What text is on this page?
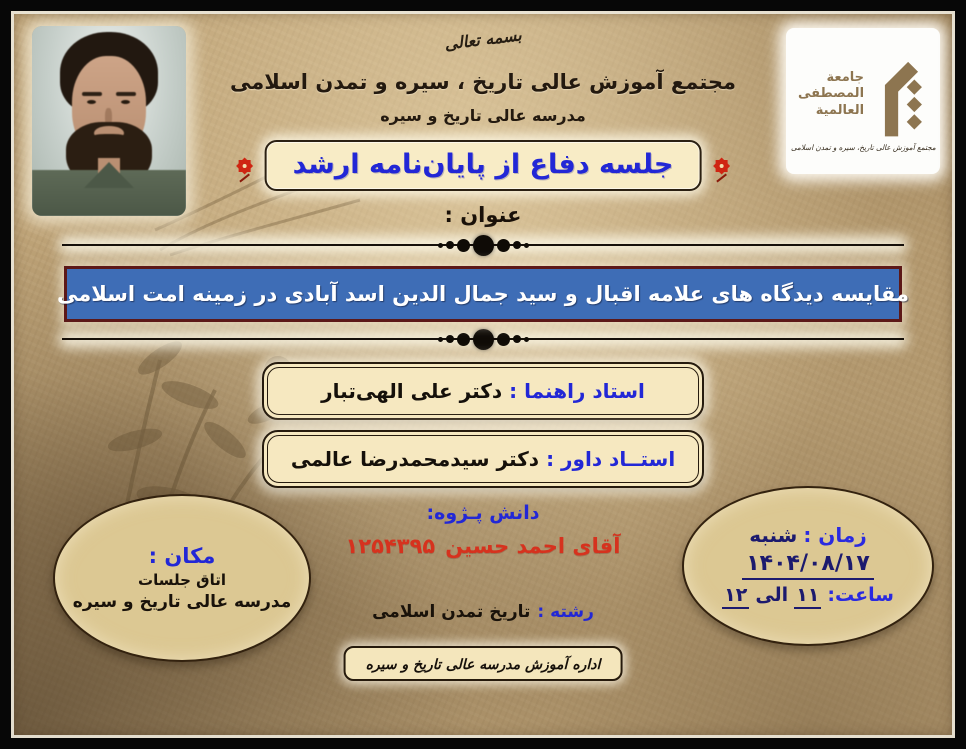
جامعة
المصطفی
العالمیة
مجتمع آموزش عالی تاریخ، سیره و تمدن اسلامی
بسمه تعالی
مجتمع آموزش عالی تاریخ ، سیره و تمدن اسلامی
مدرسه عالی تاریخ و سیره
جلسه دفاع از پایان‌نامه ارشد
عنوان :
مقایسه دیدگاه های علامه اقبال و سید جمال الدین اسد آبادی در زمینه امت اسلامی
استاد راهنما :
دکتر علی الهی‌تبار
استــاد داور :
دکتر سیدمحمدرضا عالمی
مکان :
اتاق جلسات
مدرسه عالی تاریخ و سیره
دانش پـژوه:
آقای احمد حسین
۱۲۵۴۳۹۵
رشته :
تاریخ تمدن اسلامی
زمان :
شنبه
۱۴۰۴/۰۸/۱۷
ساعت:
۱۱
الی
۱۲
اداره آموزش مدرسه عالی تاریخ و سیره
